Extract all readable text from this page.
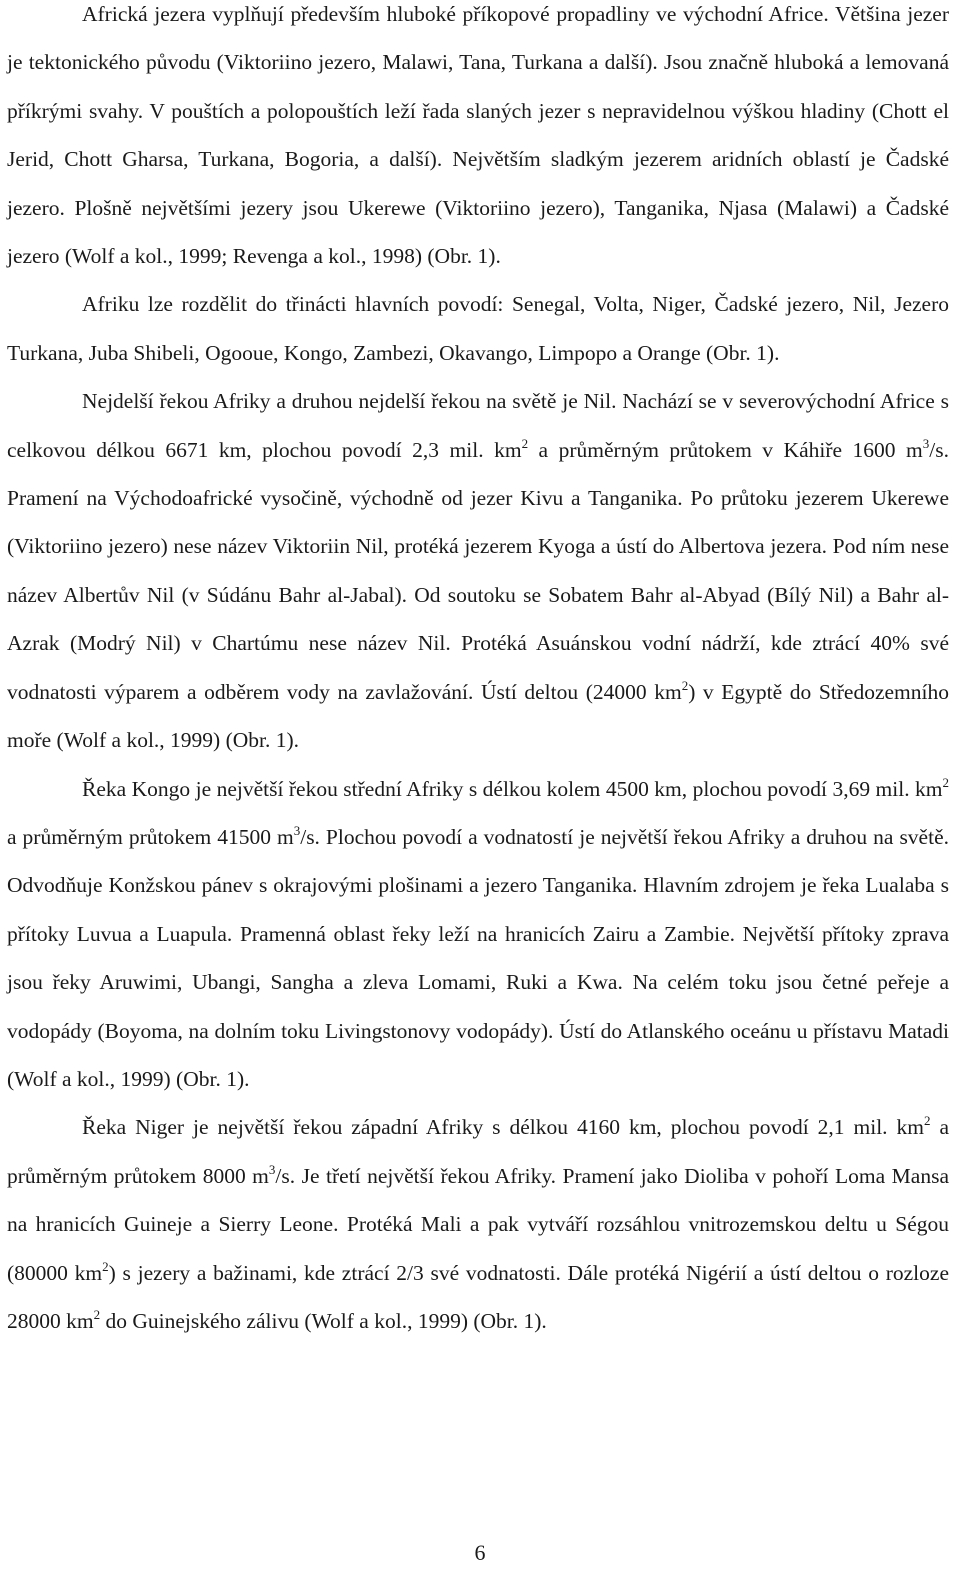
Africká jezera vyplňují především hluboké příkopové propadliny ve východní Africe. Většina jezer je tektonického původu (Viktoriino jezero, Malawi, Tana, Turkana a další). Jsou značně hluboká a lemovaná příkrými svahy. V pouštích a polopouštích leží řada slaných jezer s nepravidelnou výškou hladiny (Chott el Jerid, Chott Gharsa, Turkana, Bogoria, a další). Největším sladkým jezerem aridních oblastí je Čadské jezero. Plošně největšími jezery jsou Ukerewe (Viktoriino jezero), Tanganika, Njasa (Malawi) a Čadské jezero (Wolf a kol., 1999; Revenga a kol., 1998) (Obr. 1).

Afriku lze rozdělit do třinácti hlavních povodí: Senegal, Volta, Niger, Čadské jezero, Nil, Jezero Turkana, Juba Shibeli, Ogooue, Kongo, Zambezi, Okavango, Limpopo a Orange (Obr. 1).

Nejdelší řekou Afriky a druhou nejdelší řekou na světě je Nil. Nachází se v severovýchodní Africe s celkovou délkou 6671 km, plochou povodí 2,3 mil. $km^2$ a průměrným průtokem v Káhiře 1600 $m^3/s$. Pramení na Východoafrické vysočině, východně od jezer Kivu a Tanganika. Po průtoku jezerem Ukerewe (Viktoriino jezero) nese název Viktoriin Nil, protéká jezerem Kyoga a ústí do Albertova jezera. Pod ním nese název Albertův Nil (v Súdánu Bahr al-Jabal). Od soutoku se Sobatem Bahr al-Abyad (Bílý Nil) a Bahr al-Azrak (Modrý Nil) v Chartúmu nese název Nil. Protéká Asuánskou vodní nádrží, kde ztrácí 40% své vodnatosti výparem a odběrem vody na zavlažování. Ústí deltou (24000 $km^2$) v Egyptě do Středozemního moře (Wolf a kol., 1999) (Obr. 1).

Řeka Kongo je největší řekou střední Afriky s délkou kolem 4500 km, plochou povodí 3,69 mil. $km^2$ a průměrným průtokem 41500 $m^3/s$. Plochou povodí a vodnatostí je největší řekou Afriky a druhou na světě. Odvodňuje Konžskou pánev s okrajovými plošinami a jezero Tanganika. Hlavním zdrojem je řeka Lualaba s přítoky Luvua a Luapula. Pramenná oblast řeky leží na hranicích Zairu a Zambie. Největší přítoky zprava jsou řeky Aruwimi, Ubangi, Sangha a zleva Lomami, Ruki a Kwa. Na celém toku jsou četné peřeje a vodopády (Boyoma, na dolním toku Livingstonovy vodopády). Ústí do Atlanského oceánu u přístavu Matadi (Wolf a kol., 1999) (Obr. 1).

Řeka Niger je největší řekou západní Afriky s délkou 4160 km, plochou povodí 2,1 mil. $km^2$ a průměrným průtokem 8000 $m^3/s$. Je třetí největší řekou Afriky. Pramení jako Dioliba v pohoří Loma Mansa na hranicích Guineje a Sierry Leone. Protéká Mali a pak vytváří rozsáhlou vnitrozemskou deltu u Ségou (80000 $km^2$) s jezery a bažinami, kde ztrácí 2/3 své vodnatosti. Dále protéká Nigérií a ústí deltou o rozloze 28000 $km^2$ do Guinejského zálivu (Wolf a kol., 1999) (Obr. 1).

6
